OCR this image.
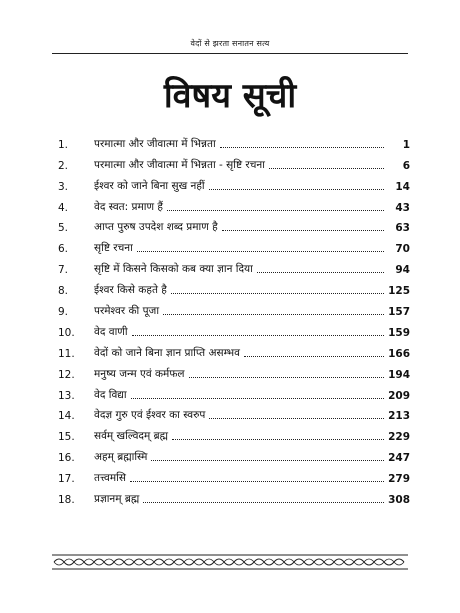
वेदों से झरता सनातन सत्य
विषय सूची
1.	परमात्मा और जीवात्मा में भिन्नता	1
2.	परमात्मा और जीवात्मा में भिन्नता - सृष्टि रचना	6
3.	ईश्वर को जाने बिना सुख नहीं	14
4.	वेद स्वत: प्रमाण हैं	43
5.	आप्त पुरुष उपदेश शब्द प्रमाण है	63
6.	सृष्टि रचना	70
7.	सृष्टि में किसने किसको कब क्या ज्ञान दिया	94
8.	ईश्वर किसे कहते है	125
9.	परमेश्वर की पूजा	157
10.	वेद वाणी	159
11.	वेदों को जाने बिना ज्ञान प्राप्ति असम्भव	166
12.	मनुष्य जन्म एवं कर्मफल	194
13.	वेद विद्या	209
14.	वेदज्ञ गुरु एवं ईश्वर का स्वरुप	213
15.	सर्वम् खल्विदम् ब्रह्म	229
16.	अहम् ब्रह्मास्मि	247
17.	तत्त्वमसि	279
18.	प्रज्ञानम् ब्रह्म	308
